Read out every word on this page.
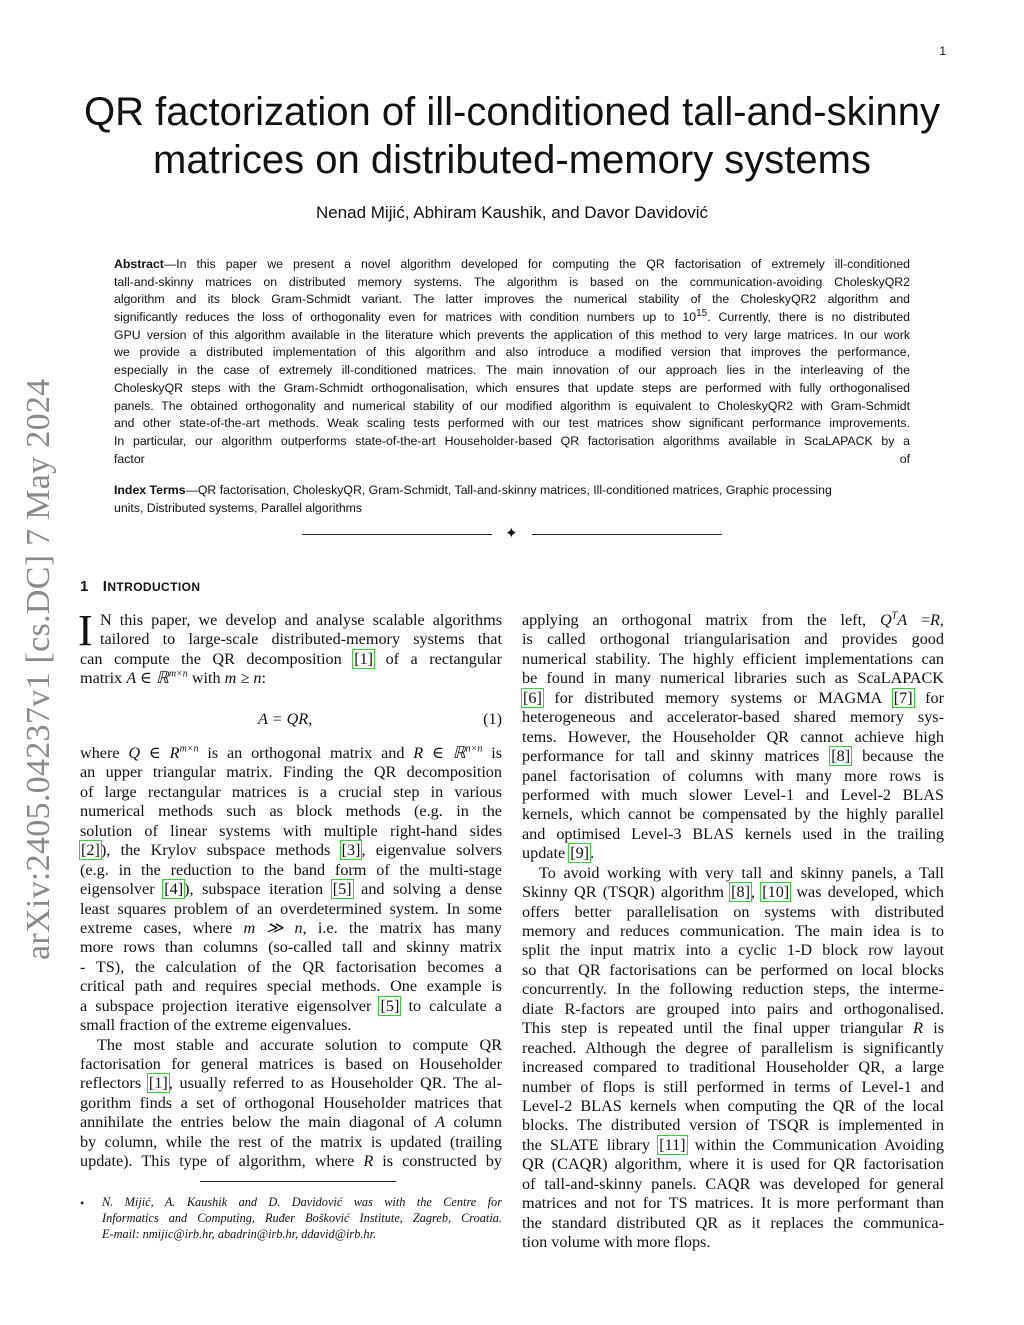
1
arXiv:2405.04237v1 [cs.DC] 7 May 2024
QR factorization of ill-conditioned tall-and-skinny
matrices on distributed-memory systems
Nenad Mijić, Abhiram Kaushik, and Davor Davidović
Abstract—In this paper we present a novel algorithm developed for computing the QR factorisation of extremely ill-conditioned
tall-and-skinny matrices on distributed memory systems. The algorithm is based on the communication-avoiding CholeskyQR2
algorithm and its block Gram-Schmidt variant. The latter improves the numerical stability of the CholeskyQR2 algorithm and
significantly reduces the loss of orthogonality even for matrices with condition numbers up to $10^{15}$. Currently, there is no distributed
GPU version of this algorithm available in the literature which prevents the application of this method to very large matrices. In our work
we provide a distributed implementation of this algorithm and also introduce a modified version that improves the performance,
especially in the case of extremely ill-conditioned matrices. The main innovation of our approach lies in the interleaving of the
CholeskyQR steps with the Gram-Schmidt orthogonalisation, which ensures that update steps are performed with fully orthogonalised
panels. The obtained orthogonality and numerical stability of our modified algorithm is equivalent to CholeskyQR2 with Gram-Schmidt
and other state-of-the-art methods. Weak scaling tests performed with our test matrices show significant performance improvements.
In particular, our algorithm outperforms state-of-the-art Householder-based QR factorisation algorithms available in ScaLAPACK by a
factor of
Index Terms—QR factorisation, CholeskyQR, Gram-Schmidt, Tall-and-skinny matrices, Ill-conditioned matrices, Graphic processing
units, Distributed systems, Parallel algorithms
✦
1 INTRODUCTION
I N this paper, we develop and analyse scalable algorithms
tailored to large-scale distributed-memory systems that
can compute the QR decomposition [1] of a rectangular
matrix A ∈ ℝ$^{m\times n}$ with m ≥ n:
A = QR,	(1)
where Q ∈ $R^{m\times n}$ is an orthogonal matrix and R ∈ ℝ$^{n\times n}$ is
an upper triangular matrix. Finding the QR decomposition
of large rectangular matrices is a crucial step in various
numerical methods such as block methods (e.g. in the
solution of linear systems with multiple right-hand sides
[2]), the Krylov subspace methods [3], eigenvalue solvers
(e.g. in the reduction to the band form of the multi-stage
eigensolver [4]), subspace iteration [5] and solving a dense
least squares problem of an overdetermined system. In some
extreme cases, where m ≫ n, i.e. the matrix has many
more rows than columns (so-called tall and skinny matrix
- TS), the calculation of the QR factorisation becomes a
critical path and requires special methods. One example is
a subspace projection iterative eigensolver [5] to calculate a
small fraction of the extreme eigenvalues.
The most stable and accurate solution to compute QR
factorisation for general matrices is based on Householder
reflectors [1], usually referred to as Householder QR. The al-
gorithm finds a set of orthogonal Householder matrices that
annihilate the entries below the main diagonal of A column
by column, while the rest of the matrix is updated (trailing
update). This type of algorithm, where R is constructed by
• N. Mijić, A. Kaushik and D. Davidović was with the Centre for
Informatics and Computing, Ruđer Bošković Institute, Zagreb, Croatia.
E-mail: nmijic@irb.hr, abadrin@irb.hr, ddavid@irb.hr.
applying an orthogonal matrix from the left, $Q^TA =R$,
is called orthogonal triangularisation and provides good
numerical stability. The highly efficient implementations can
be found in many numerical libraries such as ScaLAPACK
[6] for distributed memory systems or MAGMA [7] for
heterogeneous and accelerator-based shared memory sys-
tems. However, the Householder QR cannot achieve high
performance for tall and skinny matrices [8] because the
panel factorisation of columns with many more rows is
performed with much slower Level-1 and Level-2 BLAS
kernels, which cannot be compensated by the highly parallel
and optimised Level-3 BLAS kernels used in the trailing
update [9].
To avoid working with very tall and skinny panels, a Tall
Skinny QR (TSQR) algorithm [8], [10] was developed, which
offers better parallelisation on systems with distributed
memory and reduces communication. The main idea is to
split the input matrix into a cyclic 1-D block row layout
so that QR factorisations can be performed on local blocks
concurrently. In the following reduction steps, the interme-
diate R-factors are grouped into pairs and orthogonalised.
This step is repeated until the final upper triangular R is
reached. Although the degree of parallelism is significantly
increased compared to traditional Householder QR, a large
number of flops is still performed in terms of Level-1 and
Level-2 BLAS kernels when computing the QR of the local
blocks. The distributed version of TSQR is implemented in
the SLATE library [11] within the Communication Avoiding
QR (CAQR) algorithm, where it is used for QR factorisation
of tall-and-skinny panels. CAQR was developed for general
matrices and not for TS matrices. It is more performant than
the standard distributed QR as it replaces the communica-
tion volume with more flops.
